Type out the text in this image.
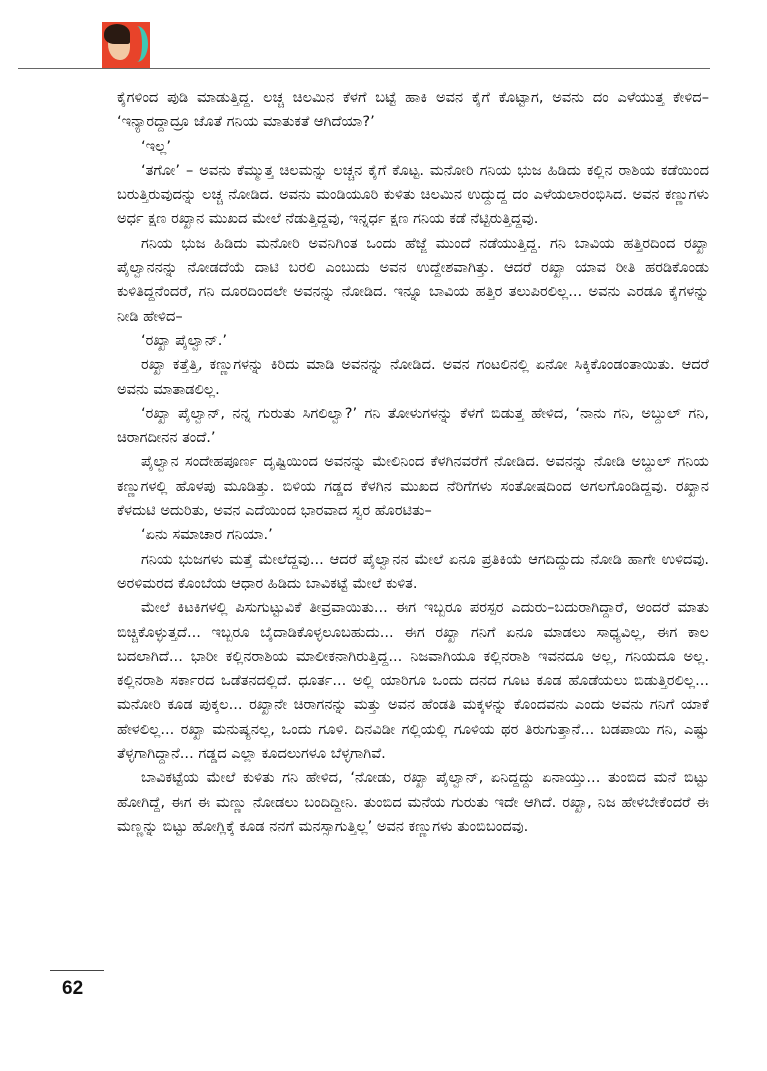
ಕೈಗಳಿಂದ ಪುಡಿ ಮಾಡುತ್ತಿದ್ದ. ಲಚ್ಚ ಚಿಲಮಿನ ಕೆಳಗೆ ಬಟ್ಟೆ ಹಾಕಿ ಅವನ ಕೈಗೆ ಕೊಟ್ಟಾಗ, ಅವನು ದಂ ಎಳೆಯುತ್ತ ಕೇಳಿದ– ‘ಇನ್ಯಾರದ್ದಾದ್ರೂ ಜೊತೆ ಗನಿಯ ಮಾತುಕತೆ ಆಗಿದೆಯಾ?’

‘ಇಲ್ಲ’

‘ತಗೋ’ – ಅವನು ಕೆಮ್ಮುತ್ತ ಚಿಲಮನ್ನು ಲಚ್ಚನ ಕೈಗೆ ಕೊಟ್ಟ. ಮನೋರಿ ಗನಿಯ ಭುಜ ಹಿಡಿದು ಕಲ್ಲಿನ ರಾಶಿಯ ಕಡೆಯಿಂದ ಬರುತ್ತಿರುವುದನ್ನು ಲಚ್ಚ ನೋಡಿದ. ಅವನು ಮಂಡಿಯೂರಿ ಕುಳಿತು ಚಿಲಮಿನ ಉದ್ದುದ್ದ ದಂ ಎಳೆಯಲಾರಂಭಿಸಿದ. ಅವನ ಕಣ್ಣುಗಳು ಅರ್ಧ ಕ್ಷಣ ರಖ್ಖಾನ ಮುಖದ ಮೇಲೆ ನೆಡುತ್ತಿದ್ದವು, ಇನ್ನರ್ಧ ಕ್ಷಣ ಗನಿಯ ಕಡೆ ನೆಟ್ಟಿರುತ್ತಿದ್ದವು.

ಗನಿಯ ಭುಜ ಹಿಡಿದು ಮನೋರಿ ಅವನಿಗಿಂತ ಒಂದು ಹೆಜ್ಜೆ ಮುಂದೆ ನಡೆಯುತ್ತಿದ್ದ. ಗನಿ ಬಾವಿಯ ಹತ್ತಿರದಿಂದ ರಖ್ಖಾ ಪೈಲ್ವಾನನನ್ನು ನೋಡದೆಯೆ ದಾಟಿ ಬರಲಿ ಎಂಬುದು ಅವನ ಉದ್ದೇಶವಾಗಿತ್ತು. ಆದರೆ ರಖ್ಖಾ ಯಾವ ರೀತಿ ಹರಡಿಕೊಂಡು ಕುಳಿತಿದ್ದನೆಂದರೆ, ಗನಿ ದೂರದಿಂದಲೇ ಅವನನ್ನು ನೋಡಿದ. ಇನ್ನೂ ಬಾವಿಯ ಹತ್ತಿರ ತಲುಪಿರಲಿಲ್ಲ... ಅವನು ಎರಡೂ ಕೈಗಳನ್ನು ನೀಡಿ ಹೇಳಿದ–

‘ರಖ್ಖಾ ಪೈಲ್ವಾನ್.’

ರಖ್ಖಾ ಕತ್ತೆತ್ತಿ, ಕಣ್ಣುಗಳನ್ನು ಕಿರಿದು ಮಾಡಿ ಅವನನ್ನು ನೋಡಿದ. ಅವನ ಗಂಟಲಿನಲ್ಲಿ ಏನೋ ಸಿಕ್ಕಿಕೊಂಡಂತಾಯಿತು. ಆದರೆ ಅವನು ಮಾತಾಡಲಿಲ್ಲ.

‘ರಖ್ಖಾ ಪೈಲ್ವಾನ್, ನನ್ನ ಗುರುತು ಸಿಗಲಿಲ್ವಾ?’ ಗನಿ ತೋಳುಗಳನ್ನು ಕೆಳಗೆ ಬಿಡುತ್ತ ಹೇಳಿದ, ‘ನಾನು ಗನಿ, ಅಬ್ದುಲ್ ಗನಿ, ಚಿರಾಗದೀನನ ತಂದೆ.’

ಪೈಲ್ವಾನ ಸಂದೇಹಪೂರ್ಣ ದೃಷ್ಟಿಯಿಂದ ಅವನನ್ನು ಮೇಲಿನಿಂದ ಕೆಳಗಿನವರೆಗೆ ನೋಡಿದ. ಅವನನ್ನು ನೋಡಿ ಅಬ್ದುಲ್ ಗನಿಯ ಕಣ್ಣುಗಳಲ್ಲಿ ಹೊಳಪು ಮೂಡಿತ್ತು. ಬಿಳಿಯ ಗಡ್ಡದ ಕೆಳಗಿನ ಮುಖದ ನೆರಿಗೆಗಳು ಸಂತೋಷದಿಂದ ಅಗಲಗೊಂಡಿದ್ದವು. ರಖ್ಖಾನ ಕೆಳದುಟಿ ಅದುರಿತು, ಅವನ ಎದೆಯಿಂದ ಭಾರವಾದ ಸ್ವರ ಹೊರಟಿತು–

‘ಏನು ಸಮಾಚಾರ ಗನಿಯಾ.’

ಗನಿಯ ಭುಜಗಳು ಮತ್ತೆ ಮೇಲೆದ್ದವು... ಆದರೆ ಪೈಲ್ವಾನನ ಮೇಲೆ ಏನೂ ಪ್ರತಿಕಿಯೆ ಆಗದಿದ್ದುದು ನೋಡಿ ಹಾಗೇ ಉಳಿದವು. ಅರಳಿಮರದ ಕೊಂಬೆಯ ಆಧಾರ ಹಿಡಿದು ಬಾವಿಕಟ್ಟೆ ಮೇಲೆ ಕುಳಿತ.

ಮೇಲೆ ಕಿಟಕಿಗಳಲ್ಲಿ ಪಿಸುಗುಟ್ಟುವಿಕೆ ತೀವ್ರವಾಯಿತು... ಈಗ ಇಬ್ಬರೂ ಪರಸ್ಪರ ಎದುರು–ಬದುರಾಗಿದ್ದಾರೆ, ಅಂದರೆ ಮಾತು ಬಿಚ್ಚಿಕೊಳ್ಳುತ್ತದೆ... ಇಬ್ಬರೂ ಬೈದಾಡಿಕೊಳ್ಳಲೂಬಹುದು... ಈಗ ರಖ್ಖಾ ಗನಿಗೆ ಏನೂ ಮಾಡಲು ಸಾಧ್ಯವಿಲ್ಲ, ಈಗ ಕಾಲ ಬದಲಾಗಿದೆ... ಭಾರೀ ಕಲ್ಲಿನರಾಶಿಯ ಮಾಲೀಕನಾಗಿರುತ್ತಿದ್ದ... ನಿಜವಾಗಿಯೂ ಕಲ್ಲಿನರಾಶಿ ಇವನದೂ ಅಲ್ಲ, ಗನಿಯದೂ ಅಲ್ಲ. ಕಲ್ಲಿನರಾಶಿ ಸರ್ಕಾರದ ಒಡೆತನದಲ್ಲಿದೆ. ಧೂರ್ತ... ಅಲ್ಲಿ ಯಾರಿಗೂ ಒಂದು ದನದ ಗೂಟ ಕೂಡ ಹೊಡೆಯಲು ಬಿಡುತ್ತಿರಲಿಲ್ಲ... ಮನೋರಿ ಕೂಡ ಪುಕ್ಕಲ... ರಖ್ಖಾನೇ ಚಿರಾಗನನ್ನು ಮತ್ತು ಅವನ ಹೆಂಡತಿ ಮಕ್ಕಳನ್ನು ಕೊಂದವನು ಎಂದು ಅವನು ಗನಿಗೆ ಯಾಕೆ ಹೇಳಲಿಲ್ಲ... ರಖ್ಖಾ ಮನುಷ್ಯನಲ್ಲ, ಒಂದು ಗೂಳಿ. ದಿನವಿಡೀ ಗಲ್ಲಿಯಲ್ಲಿ ಗೂಳಿಯ ಥರ ತಿರುಗುತ್ತಾನೆ... ಬಡಪಾಯಿ ಗನಿ, ಎಷ್ಟು ತೆಳ್ಳಗಾಗಿದ್ದಾನೆ... ಗಡ್ಡದ ಎಲ್ಲಾ ಕೂದಲುಗಳೂ ಬೆಳ್ಳಗಾಗಿವೆ.

ಬಾವಿಕಟ್ಟೆಯ ಮೇಲೆ ಕುಳಿತು ಗನಿ ಹೇಳಿದ, ‘ನೋಡು, ರಖ್ಖಾ ಪೈಲ್ವಾನ್, ಏನಿದ್ದದ್ದು ಏನಾಯ್ತು... ತುಂಬಿದ ಮನೆ ಬಿಟ್ಟು ಹೋಗಿದ್ದೆ, ಈಗ ಈ ಮಣ್ಣು ನೋಡಲು ಬಂದಿದ್ದೀನಿ. ತುಂಬಿದ ಮನೆಯ ಗುರುತು ಇದೇ ಆಗಿದೆ. ರಖ್ಖಾ, ನಿಜ ಹೇಳಬೇಕೆಂದರೆ ಈ ಮಣ್ಣನ್ನು ಬಿಟ್ಟು ಹೋಗ್ಲಿಕ್ಕೆ ಕೂಡ ನನಗೆ ಮನಸ್ಸಾಗುತ್ತಿಲ್ಲ’ ಅವನ ಕಣ್ಣುಗಳು ತುಂಬಿಬಂದವು.

62
